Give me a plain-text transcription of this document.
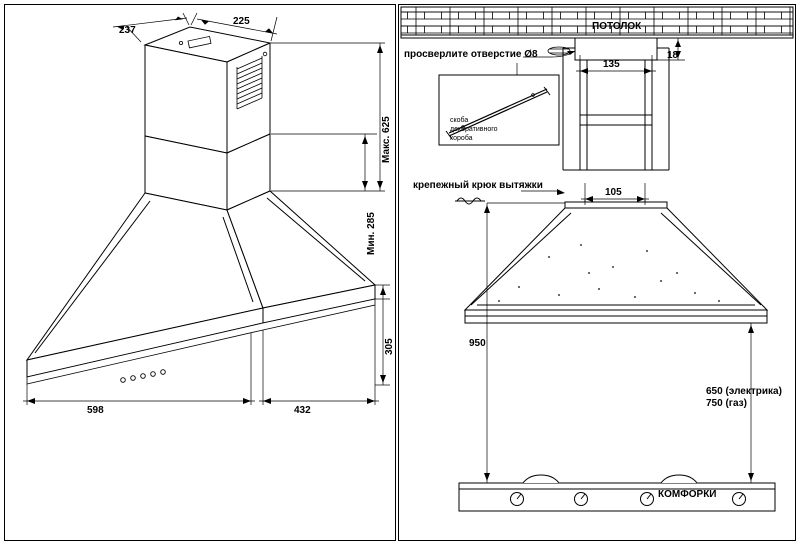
237
225
Макс. 625
Мин. 285
305
598	432
ПОТОЛОК
просверлите отверстие Ø8
скоба
декоративного
короба
крепежный крюк вытяжки
КОМФОРКИ
18
135
105
950
650 (электрика)
750 (газ)
